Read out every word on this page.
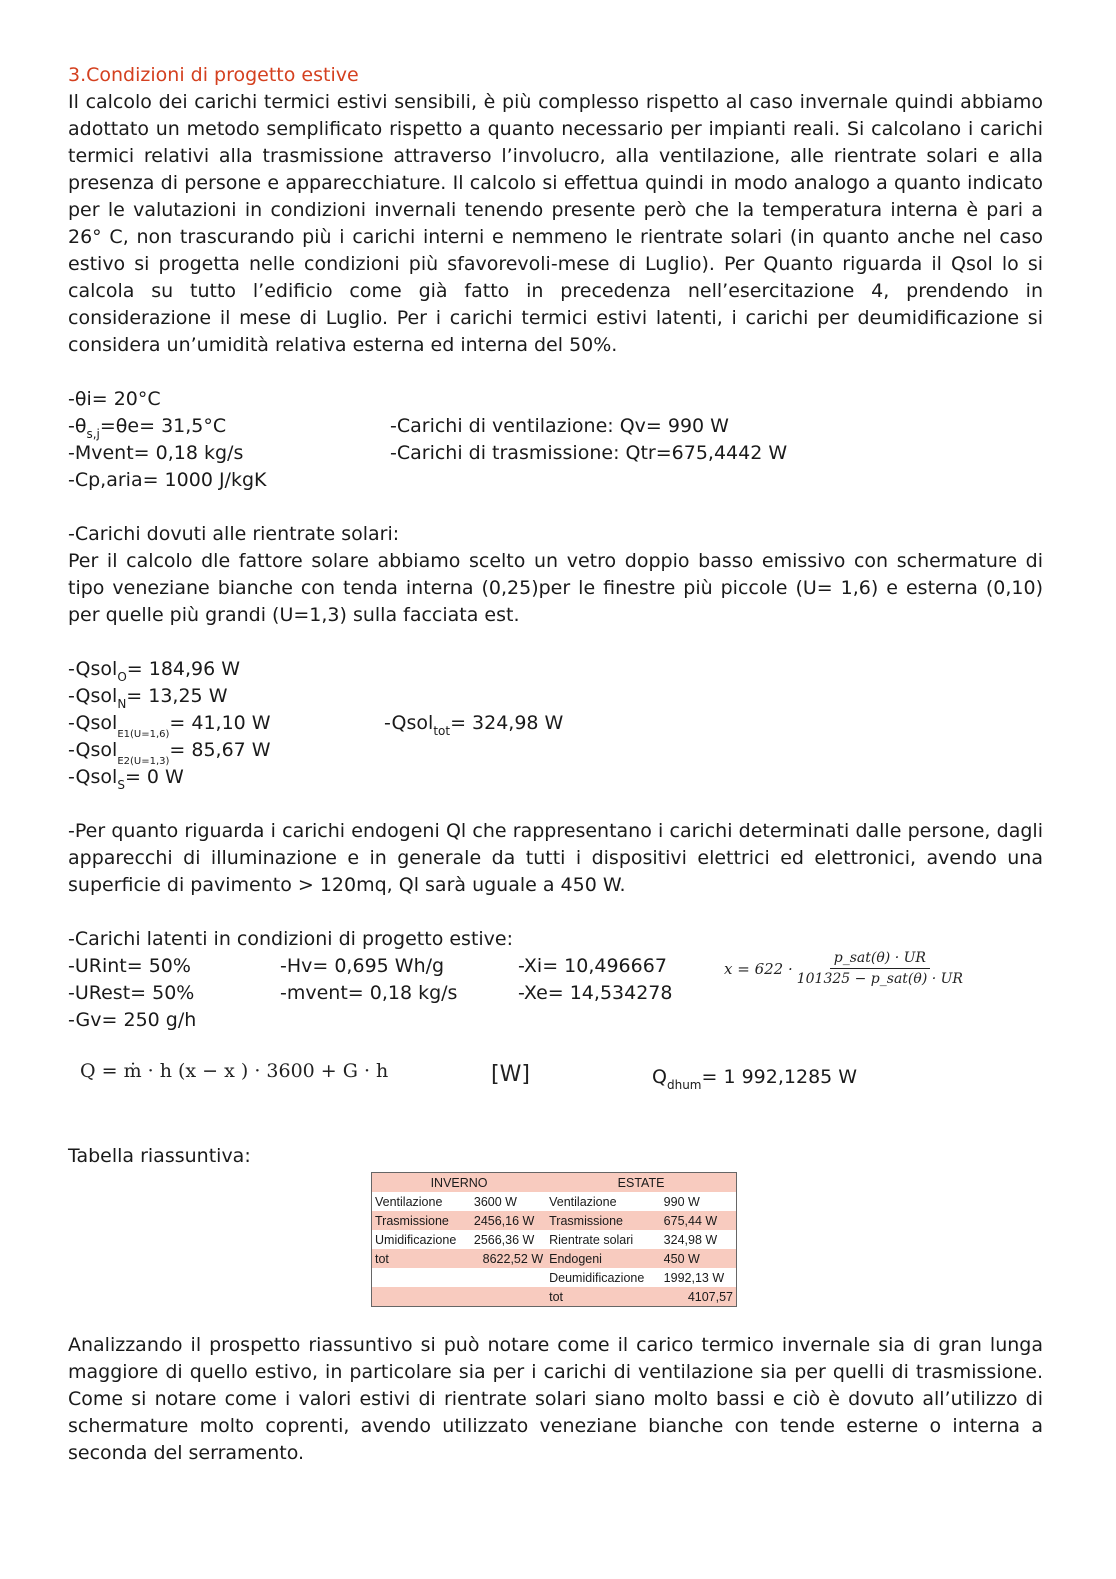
3.Condizioni di progetto estive

Il calcolo dei carichi termici estivi sensibili, è più complesso rispetto al caso invernale quindi abbiamo adottato un metodo semplificato rispetto a quanto necessario per impianti reali. Si calcolano i carichi termici relativi alla trasmissione attraverso l’involucro, alla ventilazione, alle rientrate solari e alla presenza di persone e apparecchiature. Il calcolo si effettua quindi in modo analogo a quanto indicato per le valutazioni in condizioni invernali tenendo presente però che la temperatura interna è pari a 26° C, non trascurando più i carichi interni e nemmeno le rientrate solari (in quanto anche nel caso estivo si progetta nelle condizioni più sfavorevoli-mese di Luglio). Per Quanto riguarda il Qsol lo si calcola su tutto l’edificio come già fatto in precedenza nell’esercitazione 4, prendendo in considerazione il mese di Luglio. Per i carichi termici estivi latenti, i carichi per deumidificazione si considera un’umidità relativa esterna ed interna del 50%.

-θi= 20°C
$-\theta_{s,j}=\theta e= 31,5^\circ C$	-Carichi di ventilazione: Qv= 990 W
-Mvent= 0,18 kg/s	-Carichi di trasmissione: Qtr=675,4442 W
-Cp,aria= 1000 J/kgK
-Carichi dovuti alle rientrate solari:

Per il calcolo dle fattore solare abbiamo scelto un vetro doppio basso emissivo con schermature di tipo veneziane bianche con tenda interna (0,25)per le finestre più piccole (U= 1,6) e esterna (0,10) per quelle più grandi (U=1,3) sulla facciata est.

-Qsol$_O$= 184,96 W
-Qsol$_N$= 13,25 W
-Qsol$_{E1(U=1,6)}$= 41,10 W	-Qsol$_{tot}$= 324,98 W
-Qsol$_{E2(U=1,3)}$= 85,67 W
-Qsol$_S$= 0 W

-Per quanto riguarda i carichi endogeni Ql che rappresentano i carichi determinati dalle persone, dagli apparecchi di illuminazione e in generale da tutti i dispositivi elettrici ed elettronici, avendo una superficie di pavimento > 120mq, Ql sarà uguale a 450 W.

-Carichi latenti in condizioni di progetto estive:
-URint= 50%	-Hv= 0,695 Wh/g	-Xi= 10,496667
-URest= 50%	-mvent= 0,18 kg/s	-Xe= 14,534278
-Gv= 250 g/h
$x = 622 \cdot \frac{\text{p\_sat(θ) · UR}}{\text{101325 − p\_sat(θ) · UR}}$
Q = ṁ · h (x − x ) · 3600 + G · h	[W]	$Q_{dhum}= 1$ 992,1285 W
Tabella riassuntiva:
INVERNO		ESTATE	
Ventilazione	3600 W	Ventilazione	990 W
Trasmissione	2456,16 W	Trasmissione	675,44 W
Umidificazione	2566,36 W	Rientrate solari	324,98 W
tot	8622,52 W	Endogeni	450 W
		Deumidificazione	1992,13 W
		tot	4107,57

Analizzando il prospetto riassuntivo si può notare come il carico termico invernale sia di gran lunga maggiore di quello estivo, in particolare sia per i carichi di ventilazione sia per quelli di trasmissione. Come si notare come i valori estivi di rientrate solari siano molto bassi e ciò è dovuto all’utilizzo di schermature molto coprenti, avendo utilizzato veneziane bianche con tende esterne o interna a seconda del serramento.
